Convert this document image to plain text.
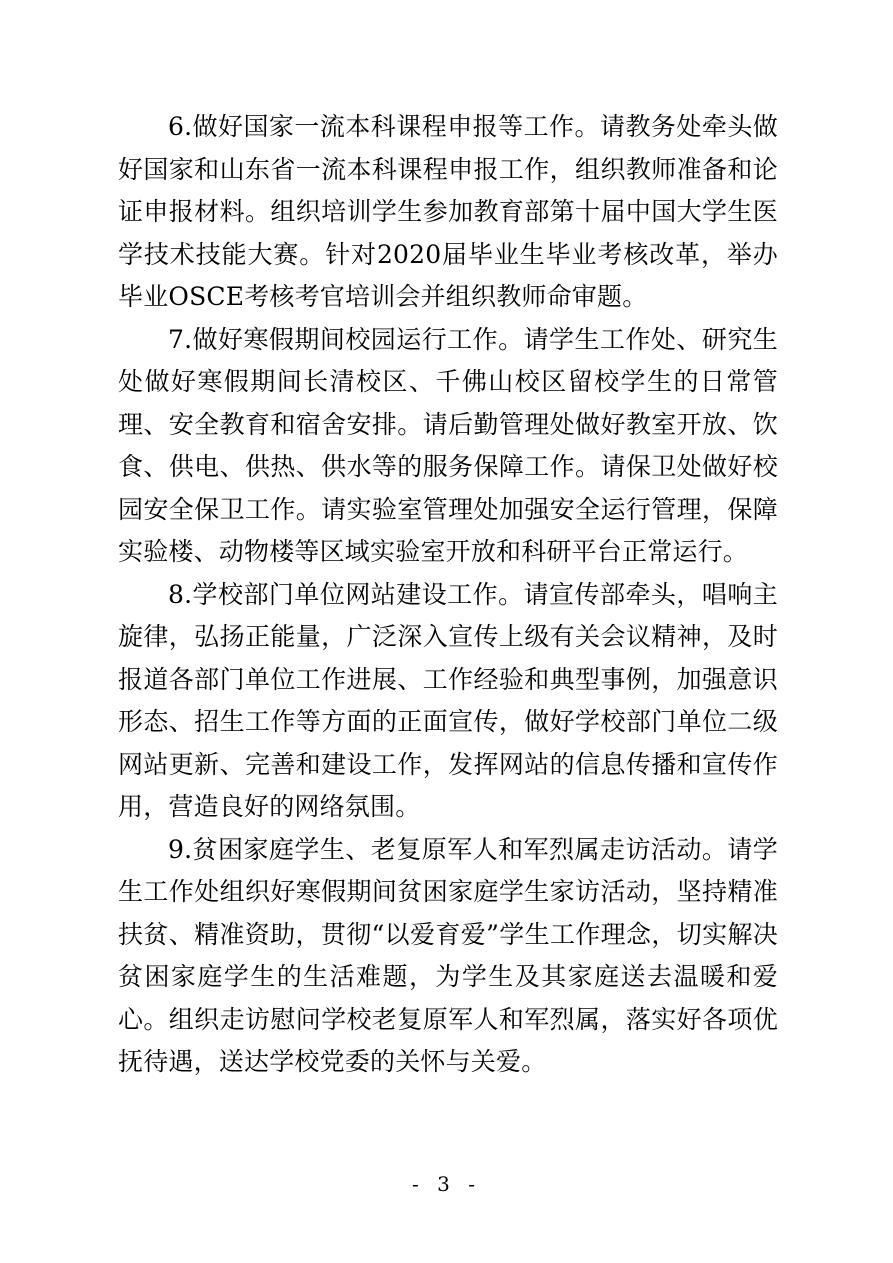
6.做好国家一流本科课程申报等工作。请教务处牵头做好国家和山东省一流本科课程申报工作，组织教师准备和论证申报材料。组织培训学生参加教育部第十届中国大学生医学技术技能大赛。针对2020届毕业生毕业考核改革，举办毕业OSCE考核考官培训会并组织教师命审题。

7.做好寒假期间校园运行工作。请学生工作处、研究生处做好寒假期间长清校区、千佛山校区留校学生的日常管理、安全教育和宿舍安排。请后勤管理处做好教室开放、饮食、供电、供热、供水等的服务保障工作。请保卫处做好校园安全保卫工作。请实验室管理处加强安全运行管理，保障实验楼、动物楼等区域实验室开放和科研平台正常运行。

8.学校部门单位网站建设工作。请宣传部牵头，唱响主旋律，弘扬正能量，广泛深入宣传上级有关会议精神，及时报道各部门单位工作进展、工作经验和典型事例，加强意识形态、招生工作等方面的正面宣传，做好学校部门单位二级网站更新、完善和建设工作，发挥网站的信息传播和宣传作用，营造良好的网络氛围。

9.贫困家庭学生、老复原军人和军烈属走访活动。请学生工作处组织好寒假期间贫困家庭学生家访活动，坚持精准扶贫、精准资助，贯彻“以爱育爱”学生工作理念，切实解决贫困家庭学生的生活难题，为学生及其家庭送去温暖和爱心。组织走访慰问学校老复原军人和军烈属，落实好各项优抚待遇，送达学校党委的关怀与关爱。

- 3 -
